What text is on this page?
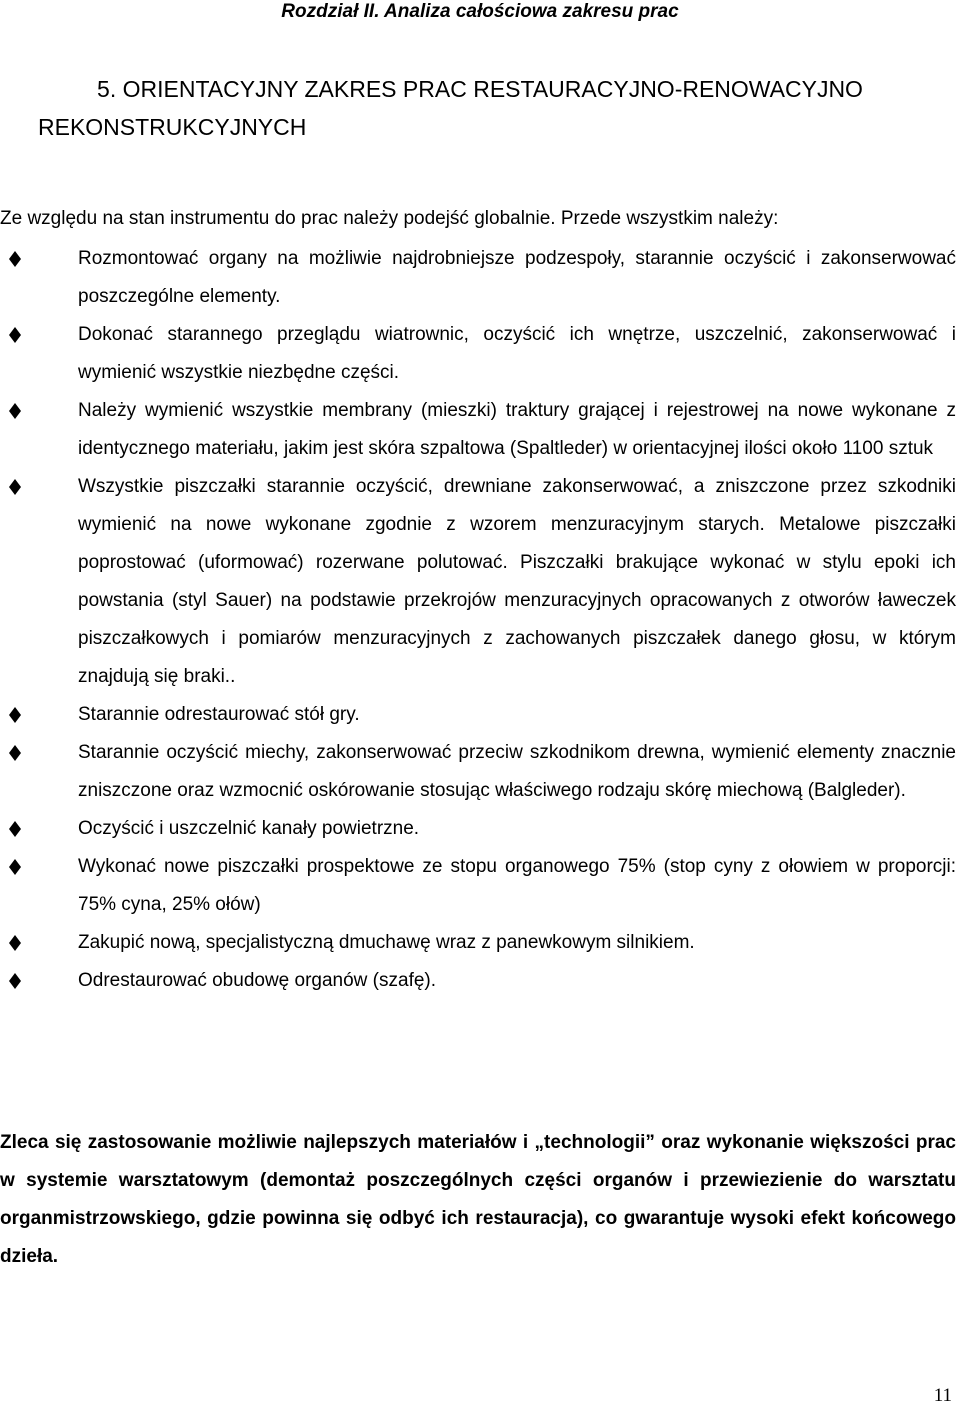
Rozdział II. Analiza całościowa zakresu prac
5. ORIENTACYJNY ZAKRES PRAC RESTAURACYJNO-RENOWACYJNO
REKONSTRUKCYJNYCH
Ze względu na stan instrumentu do prac należy podejść globalnie. Przede wszystkim należy:
Rozmontować organy na możliwie najdrobniejsze podzespoły, starannie oczyścić i zakonserwować poszczególne elementy.
Dokonać starannego przeglądu wiatrownic, oczyścić ich wnętrze, uszczelnić, zakonserwować i wymienić wszystkie niezbędne części.
Należy wymienić wszystkie membrany (mieszki) traktury grającej i rejestrowej na nowe wykonane z identycznego materiału, jakim jest skóra szpaltowa (Spaltleder) w orientacyjnej ilości około 1100 sztuk
Wszystkie piszczałki starannie oczyścić, drewniane zakonserwować, a zniszczone przez szkodniki wymienić na nowe wykonane zgodnie z wzorem menzuracyjnym starych. Metalowe piszczałki poprostować (uformować) rozerwane polutować. Piszczałki brakujące wykonać w stylu epoki ich powstania (styl Sauer) na podstawie przekrojów menzuracyjnych opracowanych z otworów ławeczek piszczałkowych i pomiarów menzuracyjnych z zachowanych piszczałek danego głosu, w którym znajdują się braki..
Starannie odrestaurować stół gry.
Starannie oczyścić miechy, zakonserwować przeciw szkodnikom drewna, wymienić elementy znacznie zniszczone oraz wzmocnić oskórowanie stosując właściwego rodzaju skórę miechową (Balgleder).
Oczyścić i uszczelnić kanały powietrzne.
Wykonać nowe piszczałki prospektowe ze stopu organowego 75% (stop cyny z ołowiem w proporcji: 75% cyna, 25% ołów)
Zakupić nową, specjalistyczną dmuchawę wraz z panewkowym silnikiem.
Odrestaurować obudowę organów (szafę).
Zleca się zastosowanie możliwie najlepszych materiałów i „technologii” oraz wykonanie większości prac w systemie warsztatowym (demontaż poszczególnych części organów i przewiezienie do warsztatu organmistrzowskiego, gdzie powinna się odbyć ich restauracja), co gwarantuje wysoki efekt końcowego dzieła.
11
